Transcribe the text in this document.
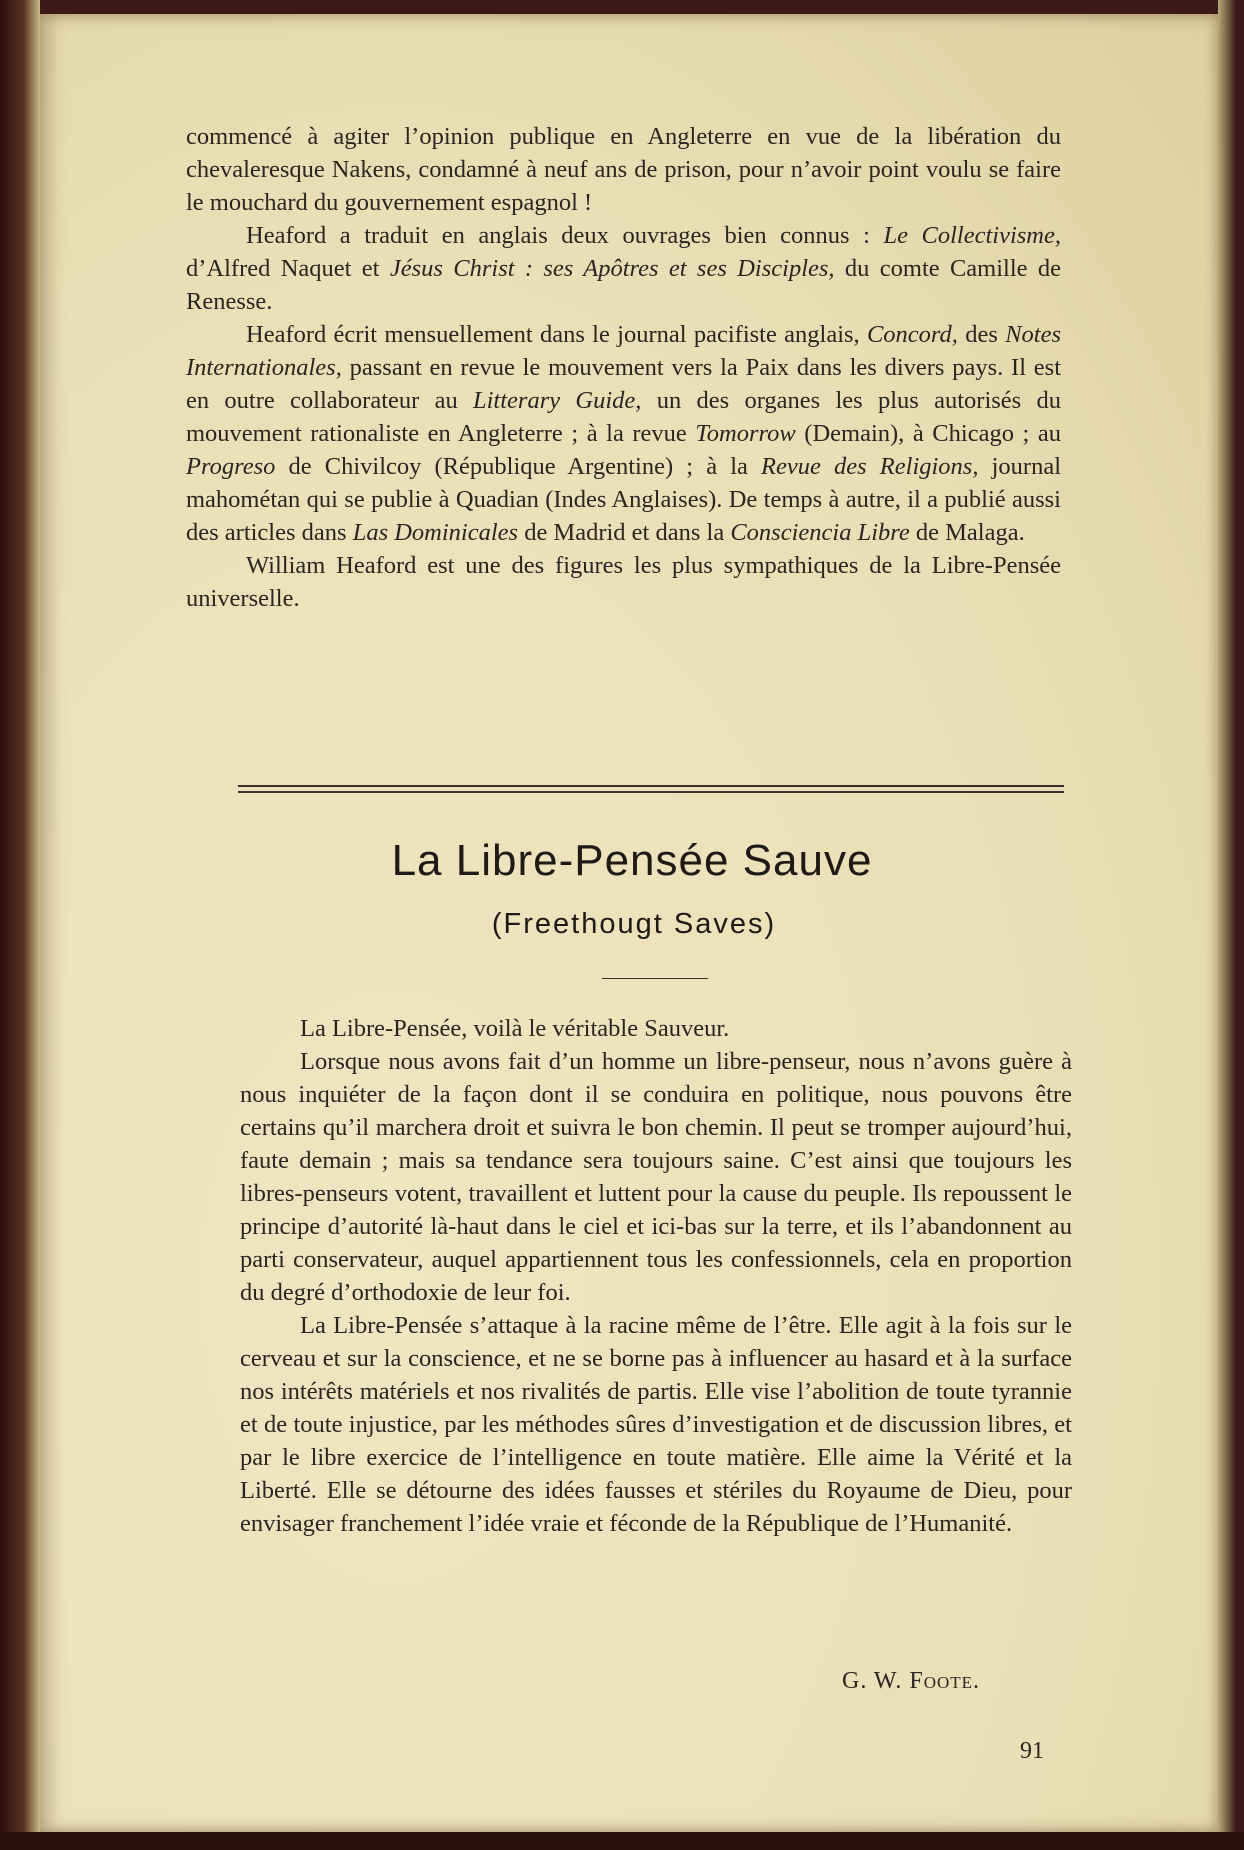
commencé à agiter l’opinion publique en Angleterre en vue de la libération du chevaleresque Nakens, condamné à neuf ans de prison, pour n’avoir point voulu se faire le mouchard du gouvernement espagnol !

Heaford a traduit en anglais deux ouvrages bien connus : Le Collectivisme, d’Alfred Naquet et Jésus Christ : ses Apôtres et ses Disciples, du comte Camille de Renesse.

Heaford écrit mensuellement dans le journal pacifiste anglais, Concord, des Notes Internationales, passant en revue le mouvement vers la Paix dans les divers pays. Il est en outre collaborateur au Litterary Guide, un des organes les plus autorisés du mouvement rationaliste en Angleterre ; à la revue Tomorrow (Demain), à Chicago ; au Progreso de Chivilcoy (République Argentine) ; à la Revue des Religions, journal mahométan qui se publie à Quadian (Indes Anglaises). De temps à autre, il a publié aussi des articles dans Las Dominicales de Madrid et dans la Consciencia Libre de Malaga.

William Heaford est une des figures les plus sympathiques de la Libre-Pensée universelle.

La Libre-Pensée Sauve
(Freethougt Saves)

La Libre-Pensée, voilà le véritable Sauveur.

Lorsque nous avons fait d’un homme un libre-penseur, nous n’avons guère à nous inquiéter de la façon dont il se conduira en politique, nous pouvons être certains qu’il marchera droit et suivra le bon chemin. Il peut se tromper aujourd’hui, faute demain ; mais sa tendance sera toujours saine. C’est ainsi que toujours les libres-penseurs votent, travaillent et luttent pour la cause du peuple. Ils repoussent le principe d’autorité là-haut dans le ciel et ici-bas sur la terre, et ils l’abandonnent au parti conservateur, auquel appartiennent tous les confessionnels, cela en proportion du degré d’orthodoxie de leur foi.

La Libre-Pensée s’attaque à la racine même de l’être. Elle agit à la fois sur le cerveau et sur la conscience, et ne se borne pas à influencer au hasard et à la surface nos intérêts matériels et nos rivalités de partis. Elle vise l’abolition de toute tyrannie et de toute injustice, par les méthodes sûres d’investigation et de discussion libres, et par le libre exercice de l’intelligence en toute matière. Elle aime la Vérité et la Liberté. Elle se détourne des idées fausses et stériles du Royaume de Dieu, pour envisager franchement l’idée vraie et féconde de la République de l’Humanité.

G. W. Foote.
91
